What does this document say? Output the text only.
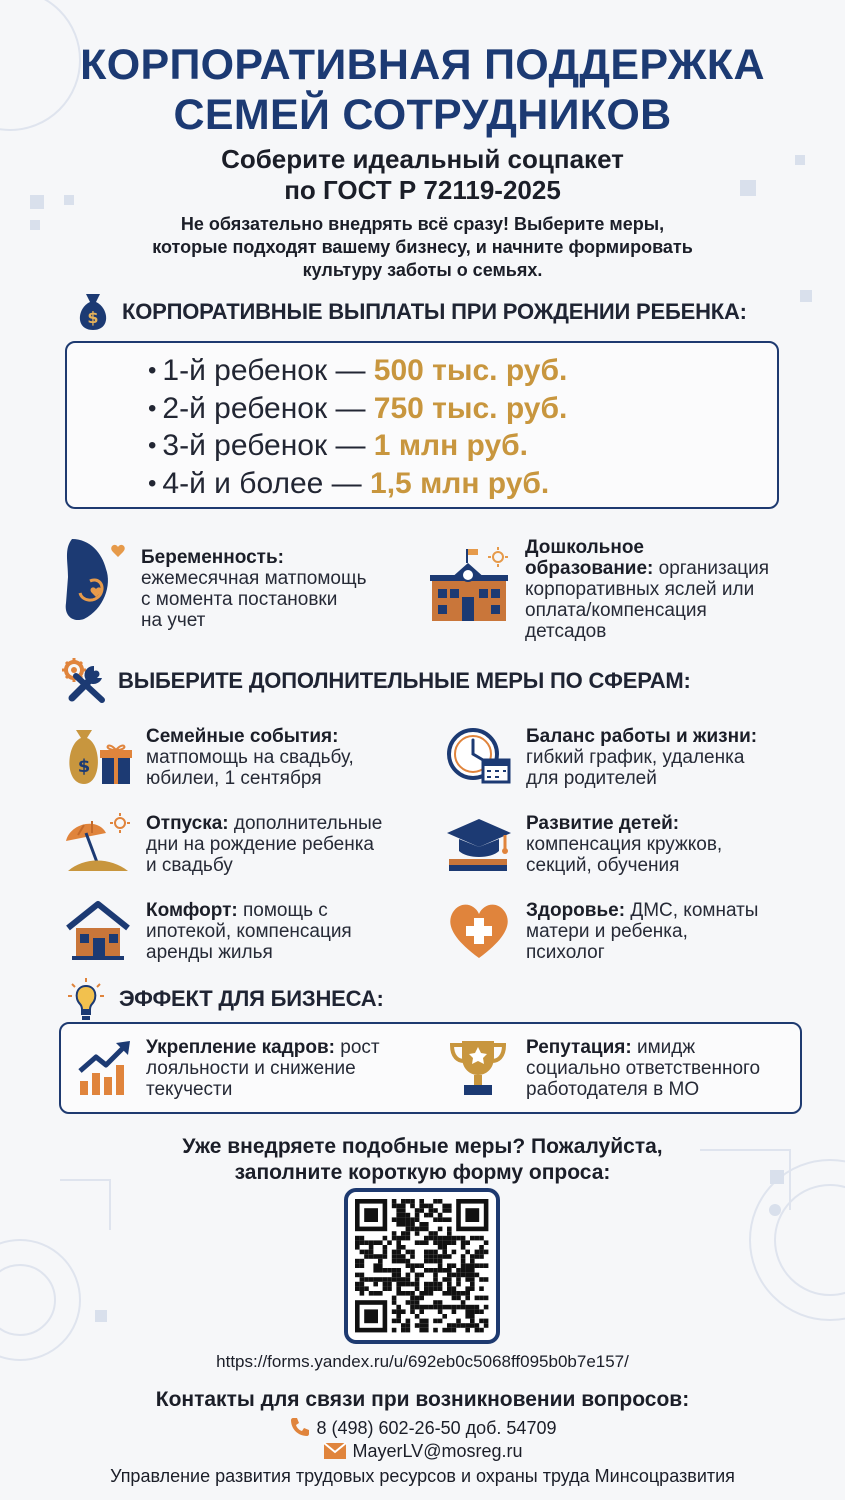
КОРПОРАТИВНАЯ ПОДДЕРЖКА
СЕМЕЙ СОТРУДНИКОВ
Соберите идеальный соцпакет
по ГОСТ Р 72119-2025
Не обязательно внедрять всё сразу! Выберите меры,
которые подходят вашему бизнесу, и начните формировать
культуру заботы о семьях.
$ КОРПОРАТИВНЫЕ ВЫПЛАТЫ ПРИ РОЖДЕНИИ РЕБЕНКА:
• 1-й ребенок — 500 тыс. руб.
• 2-й ребенок — 750 тыс. руб.
• 3-й ребенок — 1 млн руб.
• 4-й и более — 1,5 млн руб.
Беременность:
ежемесячная матпомощь
с момента постановки
на учет
Дошкольное
образование: организация
корпоративных яслей или
оплата/компенсация
детсадов
ВЫБЕРИТЕ ДОПОЛНИТЕЛЬНЫЕ МЕРЫ ПО СФЕРАМ:
$
Семейные события:
матпомощь на свадьбу,
юбилеи, 1 сентября
Баланс работы и жизни:
гибкий график, удаленка
для родителей
Отпуска: дополнительные
дни на рождение ребенка
и свадьбу
Развитие детей:
компенсация кружков,
секций, обучения
Комфорт: помощь с
ипотекой, компенсация
аренды жилья
Здоровье: ДМС, комнаты
матери и ребенка,
психолог
ЭФФЕКТ ДЛЯ БИЗНЕСА:
Укрепление кадров: рост
лояльности и снижение
текучести
Репутация: имидж
социально ответственного
работодателя в МО
Уже внедряете подобные меры? Пожалуйста,
заполните короткую форму опроса:
https://forms.yandex.ru/u/692eb0c5068ff095b0b7e157/
Контакты для связи при возникновении вопросов:
8 (498) 602-26-50 доб. 54709
MayerLV@mosreg.ru
Управление развития трудовых ресурсов и охраны труда Минсоцразвития
